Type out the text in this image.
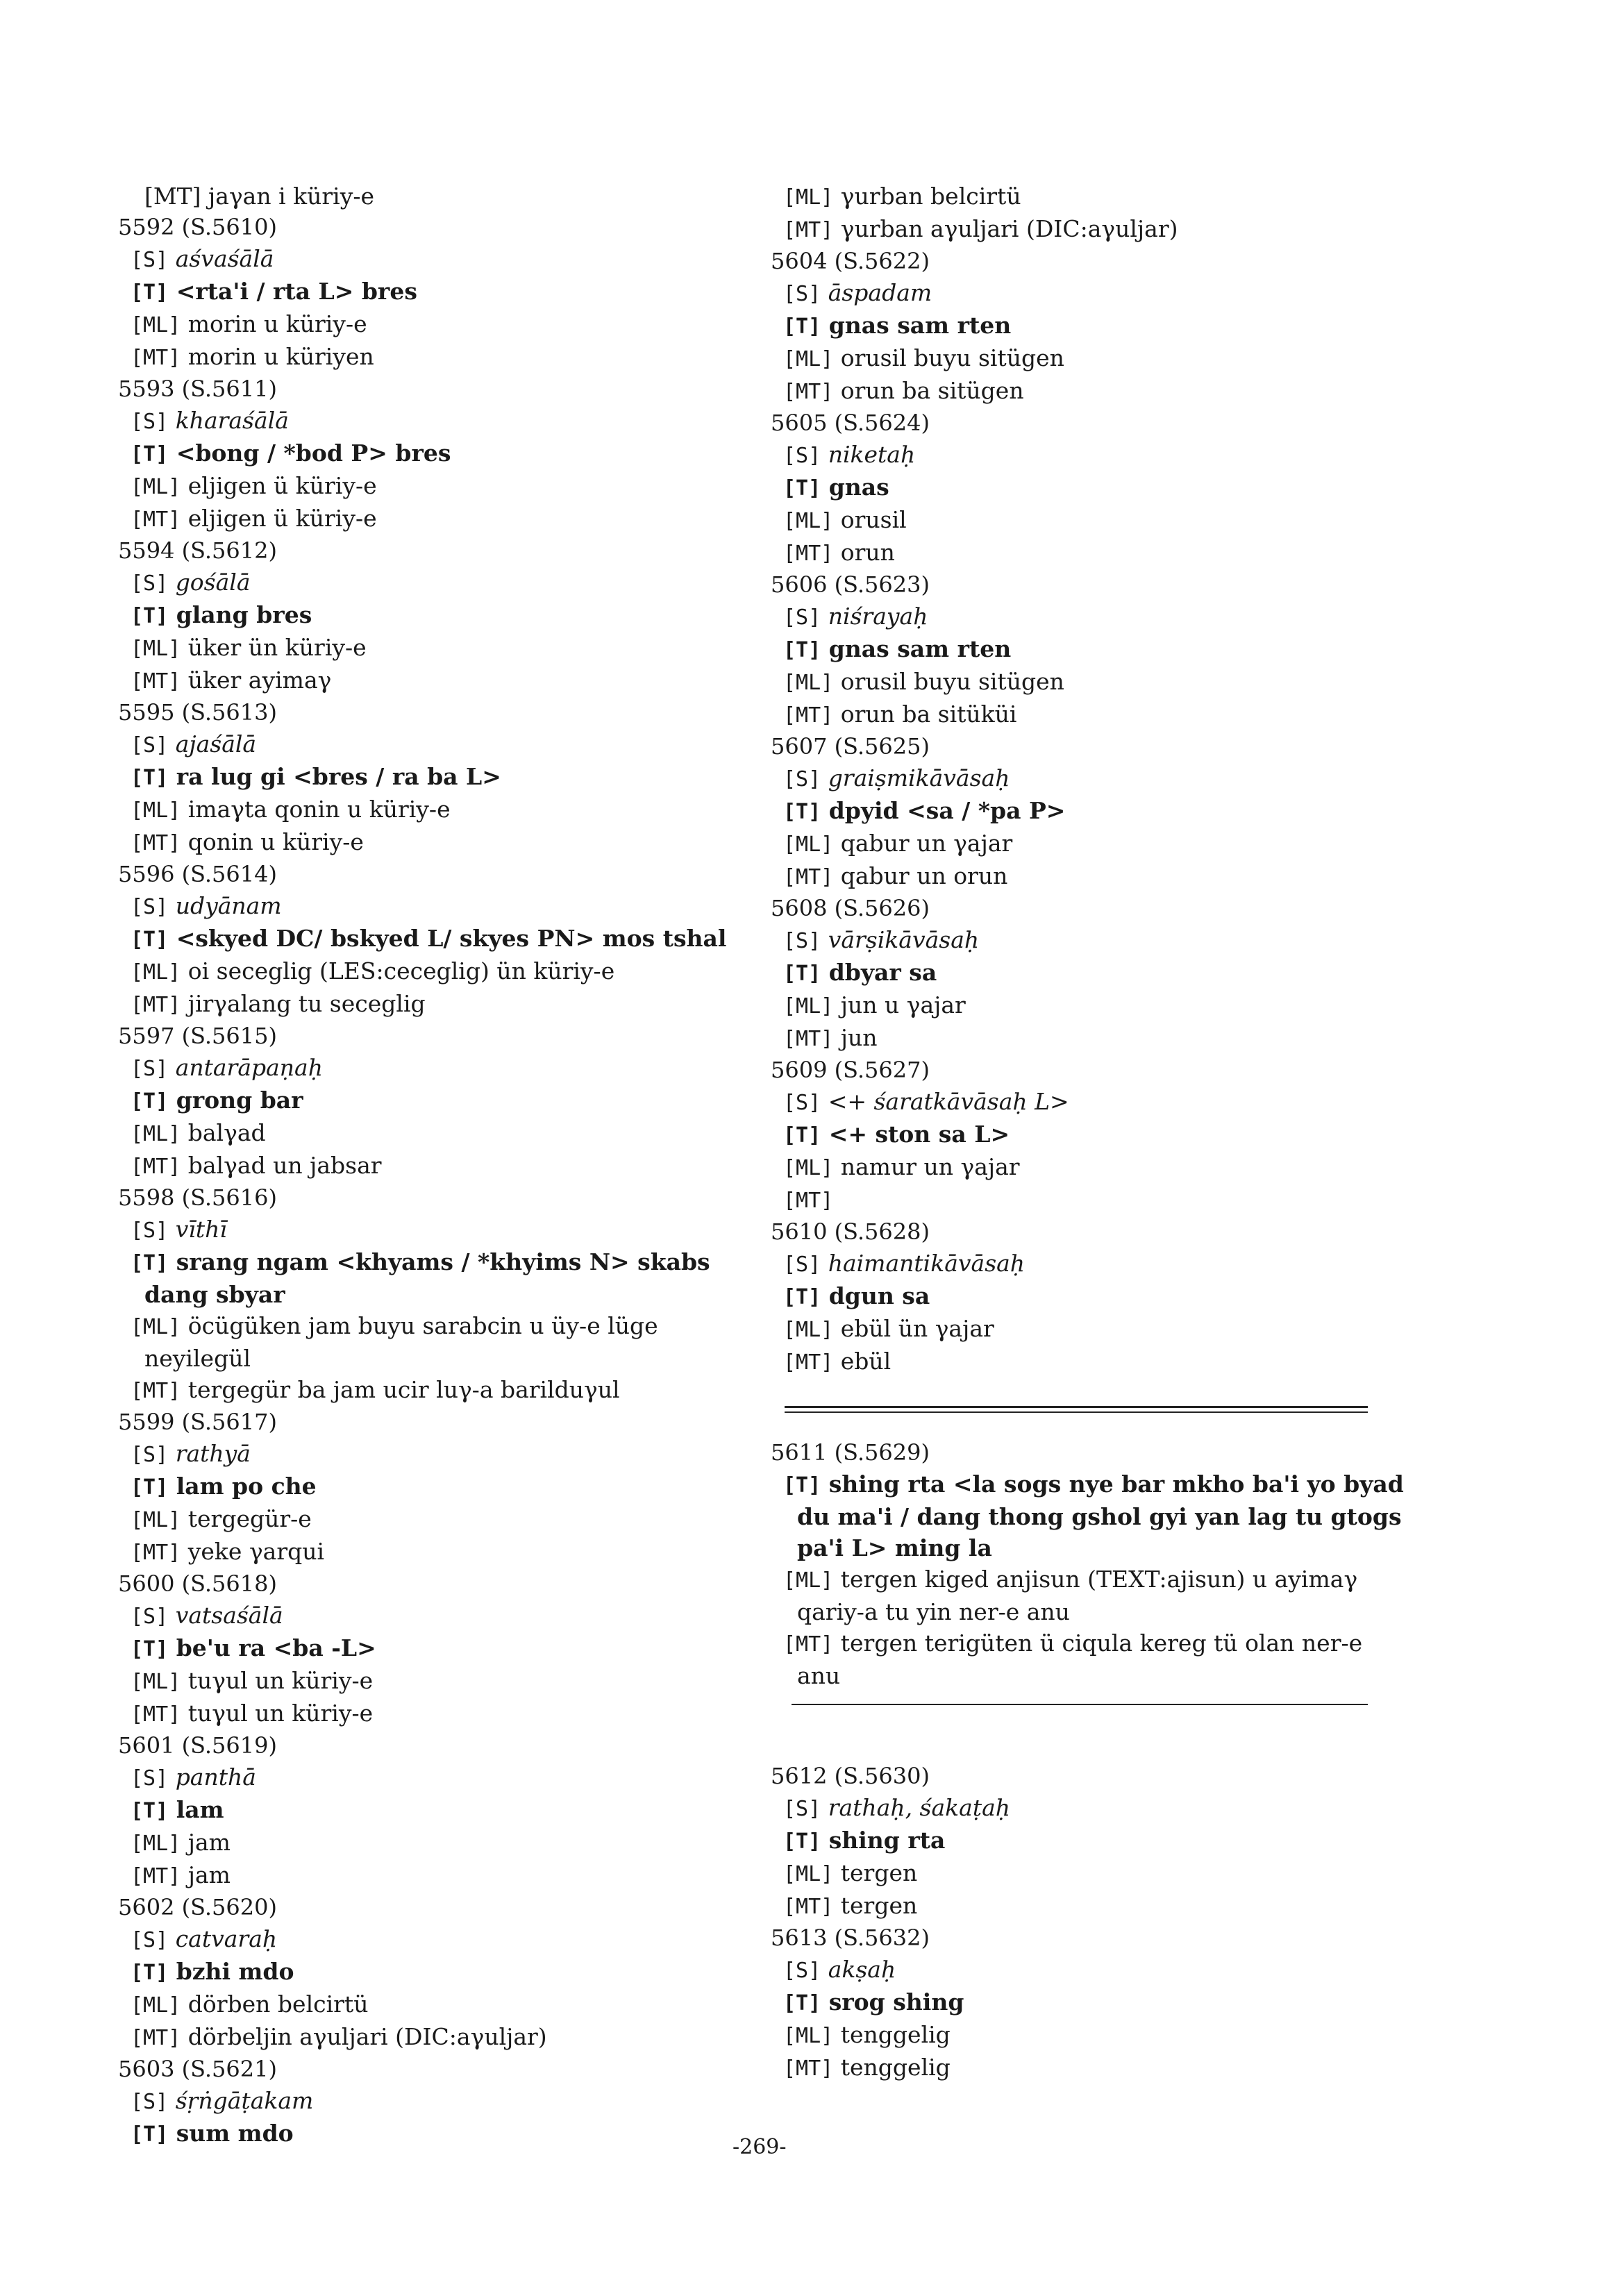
[MT] jaγan i küriy-e
5592 (S.5610)
[S] aśvaśālā
[T] <rta'i / rta L> bres
[ML] morin u küriy-e
[MT] morin u küriyen
5593 (S.5611)
[S] kharaśālā
[T] <bong / *bod P> bres
[ML] eljigen ü küriy-e
[MT] eljigen ü küriy-e
5594 (S.5612)
[S] gośālā
[T] glang bres
[ML] üker ün küriy-e
[MT] üker ayimaγ
5595 (S.5613)
[S] ajaśālā
[T] ra lug gi <bres / ra ba L>
[ML] imaγta qonin u küriy-e
[MT] qonin u küriy-e
5596 (S.5614)
[S] udyānam
[T] <skyed DC/ bskyed L/ skyes PN> mos tshal
[ML] oi seceglig (LES:ceceglig) ün küriy-e
[MT] jirγalang tu seceglig
5597 (S.5615)
[S] antarāpaṇaḥ
[T] grong bar
[ML] balγad
[MT] balγad un jabsar
5598 (S.5616)
[S] vīthī
[T] srang ngam <khyams / *khyims N> skabs dang sbyar
[ML] öcügüken jam buyu sarabcin u üy-e lüge neyilegül
[MT] tergegür ba jam ucir luγ-a barilduγul
5599 (S.5617)
[S] rathyā
[T] lam po che
[ML] tergegür-e
[MT] yeke γarqui
5600 (S.5618)
[S] vatsaśālā
[T] be'u ra <ba -L>
[ML] tuγul un küriy-e
[MT] tuγul un küriy-e
5601 (S.5619)
[S] panthā
[T] lam
[ML] jam
[MT] jam
5602 (S.5620)
[S] catvaraḥ
[T] bzhi mdo
[ML] dörben belcirtü
[MT] dörbeljin aγuljari (DIC:aγuljar)
5603 (S.5621)
[S] śṛṅgāṭakam
[T] sum mdo
[ML] γurban belcirtü
[MT] γurban aγuljari (DIC:aγuljar)
5604 (S.5622)
[S] āspadam
[T] gnas sam rten
[ML] orusil buyu sitügen
[MT] orun ba sitügen
5605 (S.5624)
[S] niketaḥ
[T] gnas
[ML] orusil
[MT] orun
5606 (S.5623)
[S] niśrayaḥ
[T] gnas sam rten
[ML] orusil buyu sitügen
[MT] orun ba sitüküi
5607 (S.5625)
[S] graiṣmikāvāsaḥ
[T] dpyid <sa / *pa P>
[ML] qabur un γajar
[MT] qabur un orun
5608 (S.5626)
[S] vārṣikāvāsaḥ
[T] dbyar sa
[ML] jun u γajar
[MT] jun
5609 (S.5627)
[S] <+ śaratkāvāsaḥ L>
[T] <+ ston sa L>
[ML] namur un γajar
[MT]
5610 (S.5628)
[S] haimantikāvāsaḥ
[T] dgun sa
[ML] ebül ün γajar
[MT] ebül
5611 (S.5629)
[T] shing rta <la sogs nye bar mkho ba'i yo byad du ma'i / dang thong gshol gyi yan lag tu gtogs pa'i L> ming la
[ML] tergen kiged anjisun (TEXT:ajisun) u ayimaγ qariy-a tu yin ner-e anu
[MT] tergen terigüten ü ciqula kereg tü olan ner-e anu
5612 (S.5630)
[S] rathaḥ, śakaṭaḥ
[T] shing rta
[ML] tergen
[MT] tergen
5613 (S.5632)
[S] akṣaḥ
[T] srog shing
[ML] tenggelig
[MT] tenggelig
-269-
